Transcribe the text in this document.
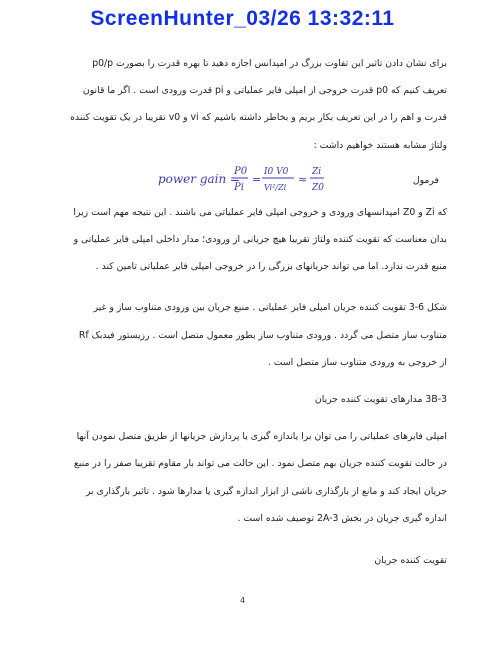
ScreenHunter_03/26 13:32:11

برای نشان دادن تاثیر این تفاوت بزرگ در امپدانس اجازه دهید تا بهره قدرت را بصورت p0/p

تعریف کنیم که p0 قدرت خروجی از امپلی فایر عملیاتی و pi قدرت ورودی است . اگر ما قانون

قدرت و اهم را در این تعریف بکار بریم و بخاطر داشته باشیم که vi و v0 تقریبا در یک تقویت کننده

ولتاژ مشابه هستند خواهیم داشت :

فرمول
power gain =
P0
Pi
=
I0 V0
Vi²/Zi
≈
Zi
Z0

که Zi و Z0 امپدانسهای ورودی و خروجی امپلی فایر عملیاتی می باشند . این نتیجه مهم است زیرا

بدان معناست که تقویت کننده ولتاژ تقریبا هیچ جریانی از ورودی؛ مدار داخلی امپلی فایر عملیاتی و

منبع قدرت ندارد. اما می تواند جریانهای بزرگی را در خروجی امپلی فایر عملیاتی تامین کند .

شکل 6-3 تقویت کننده جریان امپلی فایر عملیاتی . منبع جریان بین ورودی متناوب ساز و غیر

متناوب ساز متصل می گردد . ورودی متناوب ساز بطور معمول متصل است . رزیستور فیدبک Rf

از خروجی به ورودی متناوب ساز متصل است .

3B-3 مدارهای تقویت کننده جریان

امپلی فایرهای عملیاتی را می توان برا یاندازه گیری یا پردازش جریانها از طریق متصل نمودن آنها

در حالت تقویت کننده جریان بهم متصل نمود . این حالت می تواند بار مقاوم تقریبا صفر را در منبع

جریان ایجاد کند و مانع از بارگذاری ناشی از ابزار اندازه گیری یا مدارها شود . تاثیر بارگذاری بر

اندازه گیری جریان در بخش 2A-3 توصیف شده است .

تقویت کننده جریان

4
